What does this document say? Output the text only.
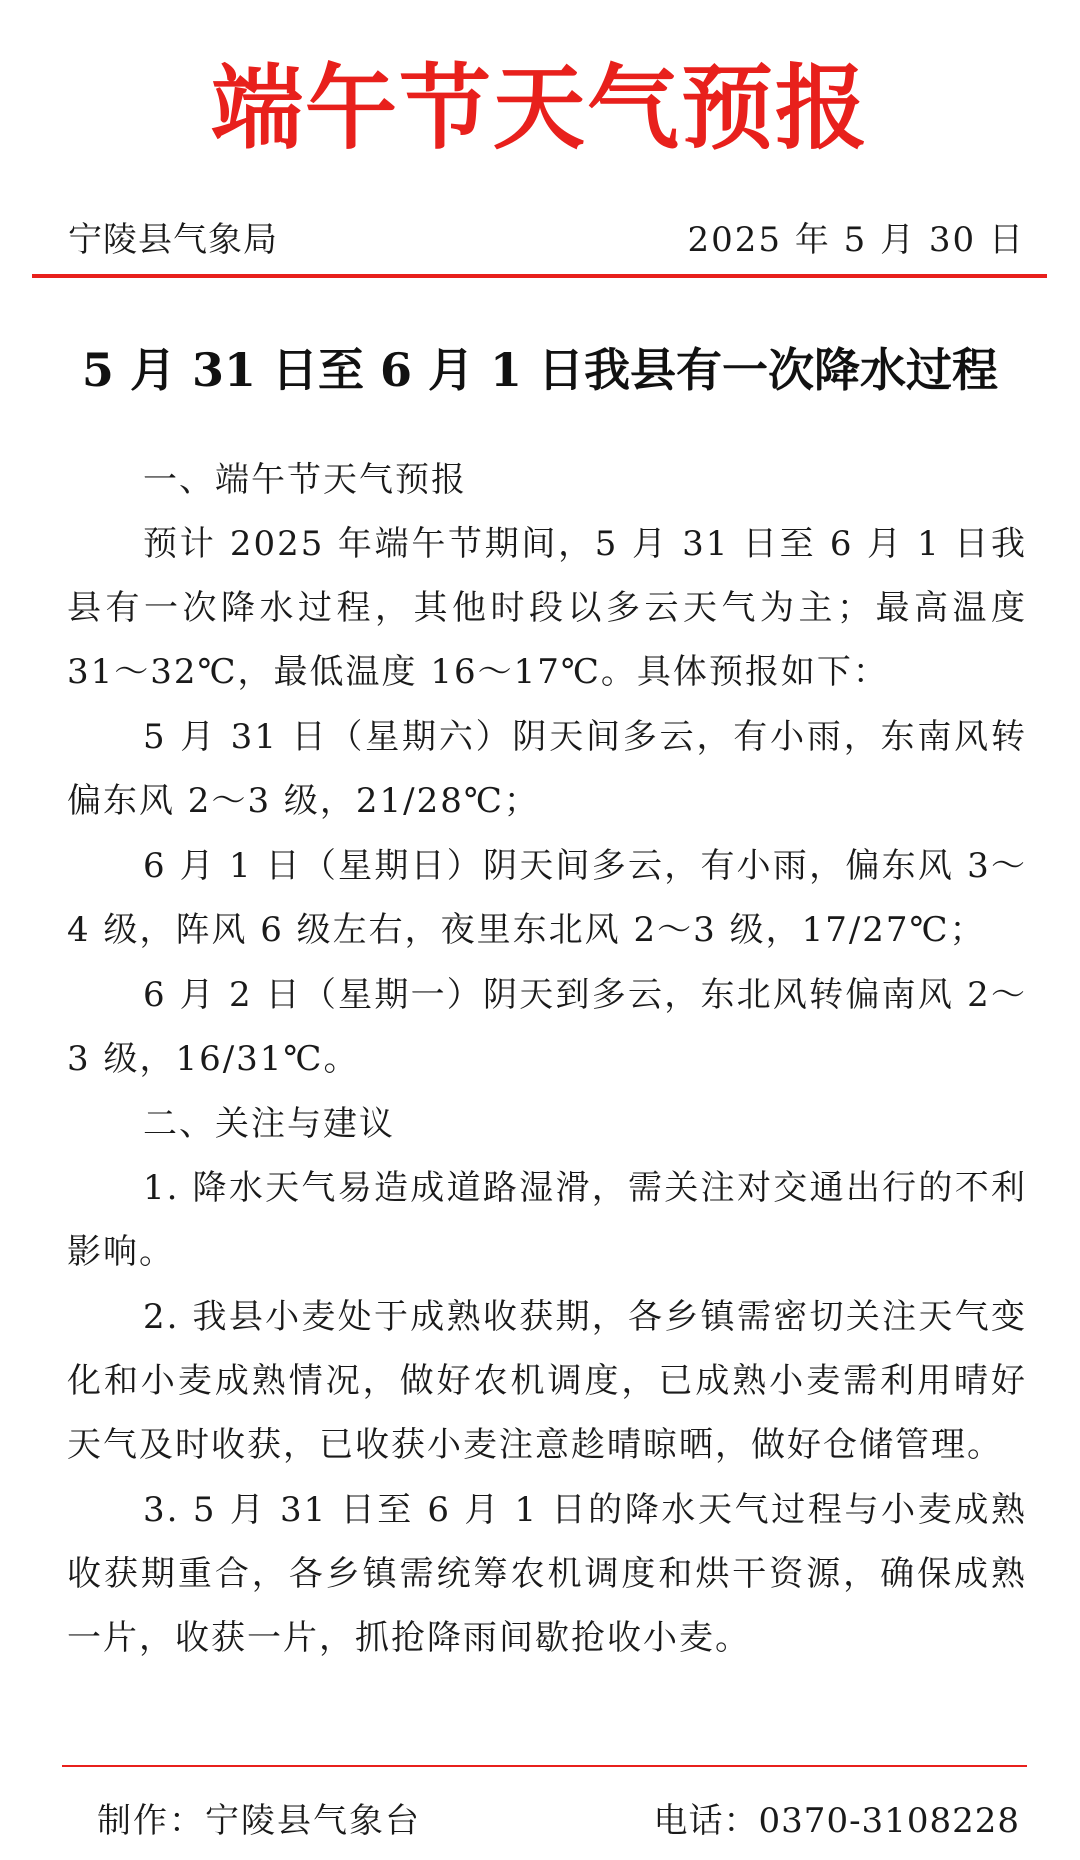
端午节天气预报
宁陵县气象局	2025 年 5 月 30 日
5 月 31 日至 6 月 1 日我县有一次降水过程
一、端午节天气预报

预计 2025 年端午节期间，5 月 31 日至 6 月 1 日我县有一次降水过程，其他时段以多云天气为主；最高温度 31～32℃，最低温度 16～17℃。具体预报如下：

5 月 31 日（星期六）阴天间多云，有小雨，东南风转偏东风 2～3 级，21/28℃；

6 月 1 日（星期日）阴天间多云，有小雨，偏东风 3～4 级，阵风 6 级左右，夜里东北风 2～3 级，17/27℃；

6 月 2 日（星期一）阴天到多云，东北风转偏南风 2～3 级，16/31℃。

二、关注与建议

1. 降水天气易造成道路湿滑，需关注对交通出行的不利影响。

2. 我县小麦处于成熟收获期，各乡镇需密切关注天气变化和小麦成熟情况，做好农机调度，已成熟小麦需利用晴好天气及时收获，已收获小麦注意趁晴晾晒，做好仓储管理。

3. 5 月 31 日至 6 月 1 日的降水天气过程与小麦成熟收获期重合，各乡镇需统筹农机调度和烘干资源，确保成熟一片，收获一片，抓抢降雨间歇抢收小麦。

制作：宁陵县气象台	电话：0370-3108228
